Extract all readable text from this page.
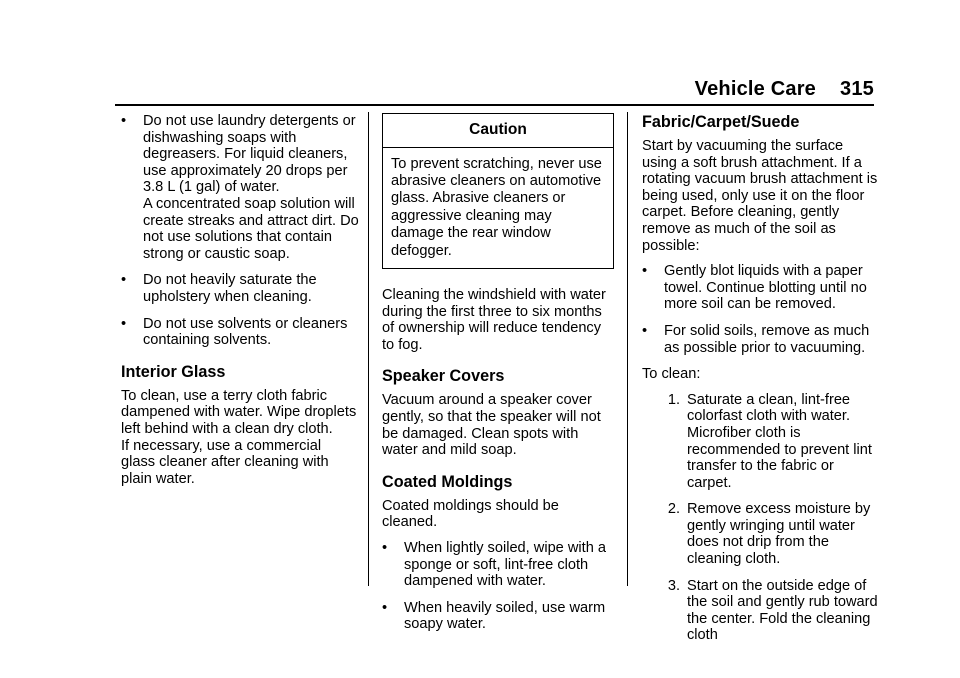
Vehicle Care 315
• Do not use laundry detergents or dishwashing soaps with degreasers. For liquid cleaners, use approximately 20 drops per 3.8 L (1 gal) of water.
A concentrated soap solution will create streaks and attract dirt. Do not use solutions that contain strong or caustic soap.
• Do not heavily saturate the upholstery when cleaning.
• Do not use solvents or cleaners containing solvents.
Interior Glass

To clean, use a terry cloth fabric dampened with water. Wipe droplets left behind with a clean dry cloth.

If necessary, use a commercial glass cleaner after cleaning with plain water.

Caution
To prevent scratching, never use abrasive cleaners on automotive glass. Abrasive cleaners or aggressive cleaning may damage the rear window defogger.

Cleaning the windshield with water during the first three to six months of ownership will reduce tendency to fog.

Speaker Covers

Vacuum around a speaker cover gently, so that the speaker will not be damaged. Clean spots with water and mild soap.

Coated Moldings

Coated moldings should be cleaned.

• When lightly soiled, wipe with a sponge or soft, lint-free cloth dampened with water.
• When heavily soiled, use warm soapy water.
Fabric/Carpet/Suede

Start by vacuuming the surface using a soft brush attachment. If a rotating vacuum brush attachment is being used, only use it on the floor carpet. Before cleaning, gently remove as much of the soil as possible:

• Gently blot liquids with a paper towel. Continue blotting until no more soil can be removed.
• For solid soils, remove as much as possible prior to vacuuming.

To clean:

1. Saturate a clean, lint-free colorfast cloth with water. Microfiber cloth is recommended to prevent lint transfer to the fabric or carpet.
2. Remove excess moisture by gently wringing until water does not drip from the cleaning cloth.
3. Start on the outside edge of the soil and gently rub toward the center. Fold the cleaning cloth
